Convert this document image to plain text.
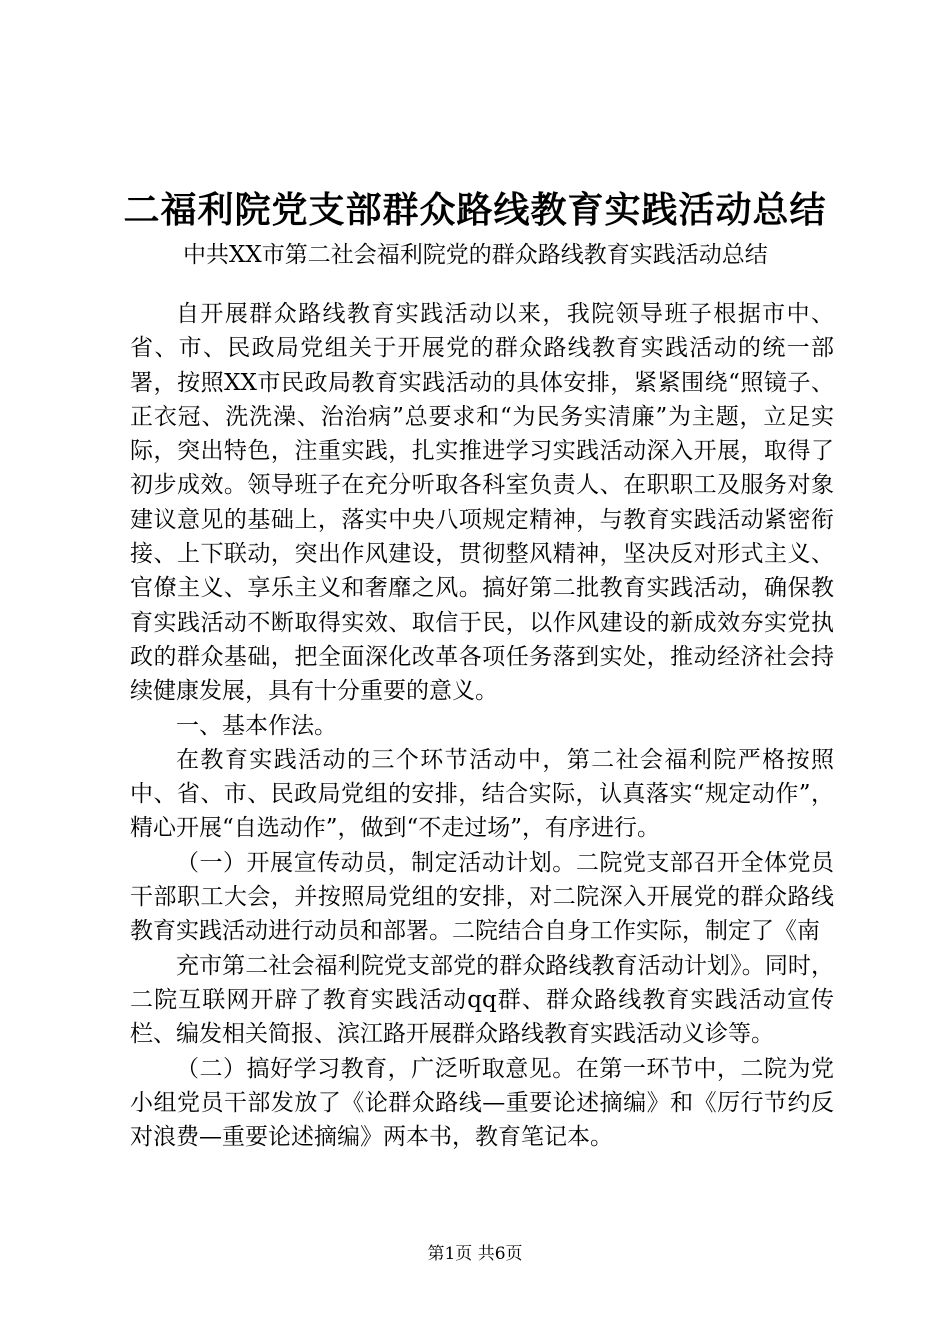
二福利院党支部群众路线教育实践活动总结
中共XX市第二社会福利院党的群众路线教育实践活动总结

自开展群众路线教育实践活动以来，我院领导班子根据市中、省、市、民政局党组关于开展党的群众路线教育实践活动的统一部署，按照XX市民政局教育实践活动的具体安排，紧紧围绕“照镜子、正衣冠、洗洗澡、治治病”总要求和“为民务实清廉”为主题，立足实际，突出特色，注重实践，扎实推进学习实践活动深入开展，取得了初步成效。领导班子在充分听取各科室负责人、在职职工及服务对象建议意见的基础上，落实中央八项规定精神，与教育实践活动紧密衔接、上下联动，突出作风建设，贯彻整风精神，坚决反对形式主义、官僚主义、享乐主义和奢靡之风。搞好第二批教育实践活动，确保教育实践活动不断取得实效、取信于民，以作风建设的新成效夯实党执政的群众基础，把全面深化改革各项任务落到实处，推动经济社会持续健康发展，具有十分重要的意义。

一、基本作法。

在教育实践活动的三个环节活动中，第二社会福利院严格按照中、省、市、民政局党组的安排，结合实际，认真落实“规定动作”，精心开展“自选动作”，做到“不走过场”，有序进行。

（一）开展宣传动员，制定活动计划。二院党支部召开全体党员干部职工大会，并按照局党组的安排，对二院深入开展党的群众路线教育实践活动进行动员和部署。二院结合自身工作实际，制定了《南

充市第二社会福利院党支部党的群众路线教育活动计划》。同时，二院互联网开辟了教育实践活动qq群、群众路线教育实践活动宣传栏、编发相关简报、滨江路开展群众路线教育实践活动义诊等。

（二）搞好学习教育，广泛听取意见。在第一环节中，二院为党小组党员干部发放了《论群众路线—重要论述摘编》和《厉行节约反对浪费—重要论述摘编》两本书，教育笔记本。

第1页 共6页
